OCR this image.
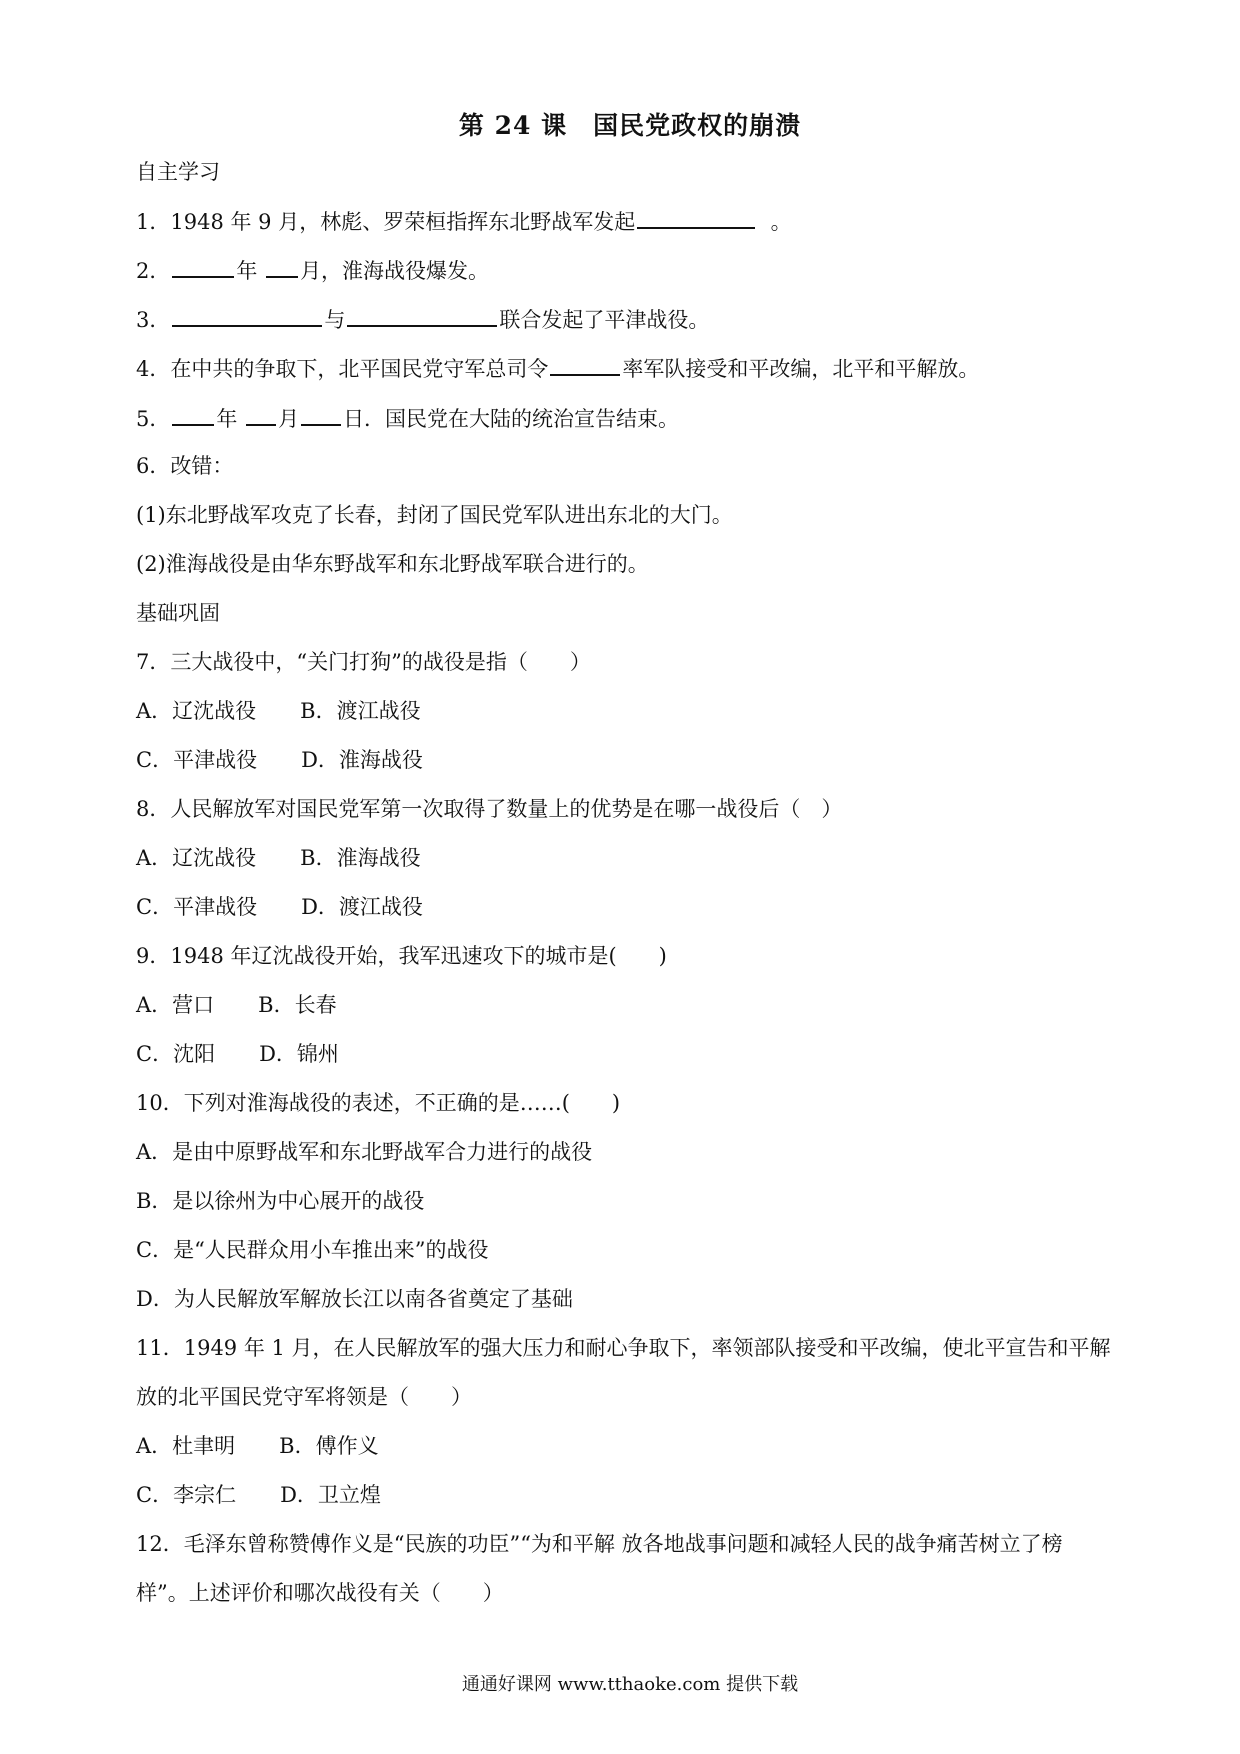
第 24 课　国民党政权的崩溃
自主学习
1．1948 年 9 月，林彪、罗荣桓指挥东北野战军发起	。
2．	年 月，淮海战役爆发。
3．	与	联合发起了平津战役。
4．在中共的争取下，北平国民党守军总司令	率军队接受和平改编，北平和平解放。
5． 年 月 日．国民党在大陆的统治宣告结束。
6．改错：
(1)东北野战军攻克了长春，封闭了国民党军队进出东北的大门。
(2)淮海战役是由华东野战军和东北野战军联合进行的。
基础巩固
7．三大战役中，“关门打狗”的战役是指（　　）
A．辽沈战役 B．渡江战役
C．平津战役 D．淮海战役
8．人民解放军对国民党军第一次取得了数量上的优势是在哪一战役后（　）
A．辽沈战役 B．淮海战役
C．平津战役 D．渡江战役
9．1948 年辽沈战役开始，我军迅速攻下的城市是(　　)
A．营口 B．长春
C．沈阳 D．锦州
10．下列对淮海战役的表述，不正确的是……(　　)
A．是由中原野战军和东北野战军合力进行的战役
B．是以徐州为中心展开的战役
C．是“人民群众用小车推出来”的战役
D．为人民解放军解放长江以南各省奠定了基础
11．1949 年 1 月，在人民解放军的强大压力和耐心争取下，率领部队接受和平改编，使北平宣告和平解
放的北平国民党守军将领是（　　）
A．杜聿明 B．傅作义
C．李宗仁 D．卫立煌
12．毛泽东曾称赞傅作义是“民族的功臣”“为和平解 放各地战事问题和减轻人民的战争痛苦树立了榜
样”。上述评价和哪次战役有关（　　）
通通好课网 www.tthaoke.com 提供下载
